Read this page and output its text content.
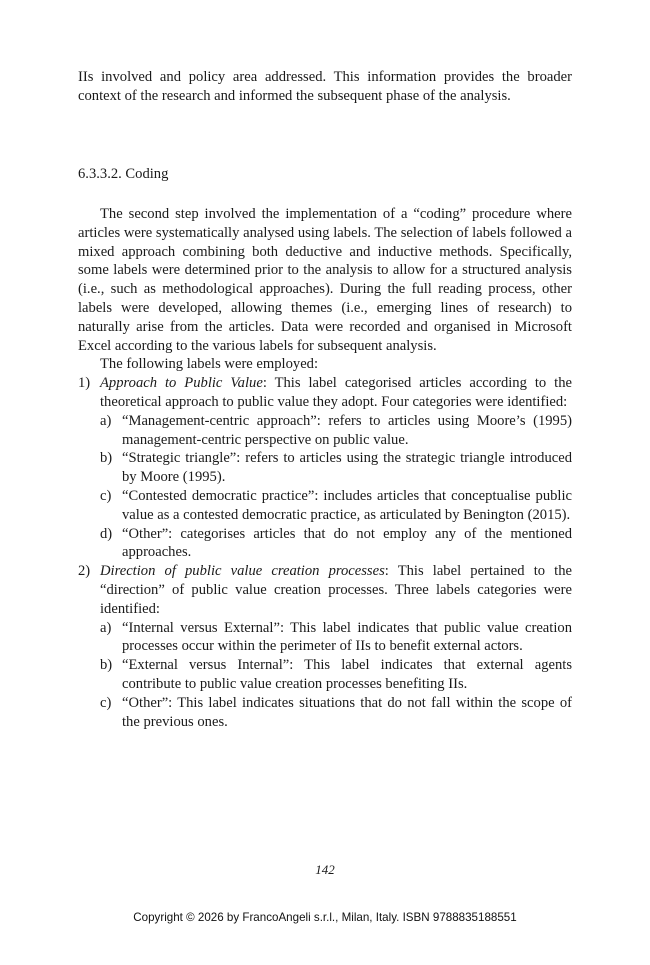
IIs involved and policy area addressed. This information provides the broader context of the research and informed the subsequent phase of the analysis.

6.3.3.2. Coding

The second step involved the implementation of a “coding” procedure where articles were systematically analysed using labels. The selection of labels followed a mixed approach combining both deductive and inductive methods. Specifically, some labels were determined prior to the analysis to allow for a structured analysis (i.e., such as methodological approaches). During the full reading process, other labels were developed, allowing themes (i.e., emerging lines of research) to naturally arise from the articles. Data were recorded and organised in Microsoft Excel according to the various labels for subsequent analysis.

The following labels were employed:

1) Approach to Public Value: This label categorised articles according to the theoretical approach to public value they adopt. Four categories were identified:
a) “Management-centric approach”: refers to articles using Moore’s (1995) management-centric perspective on public value.
b) “Strategic triangle”: refers to articles using the strategic triangle introduced by Moore (1995).
c) “Contested democratic practice”: includes articles that conceptualise public value as a contested democratic practice, as articulated by Benington (2015).
d) “Other”: categorises articles that do not employ any of the mentioned approaches.
2) Direction of public value creation processes: This label pertained to the “direction” of public value creation processes. Three labels categories were identified:
a) “Internal versus External”: This label indicates that public value creation processes occur within the perimeter of IIs to benefit external actors.
b) “External versus Internal”: This label indicates that external agents contribute to public value creation processes benefiting IIs.
c) “Other”: This label indicates situations that do not fall within the scope of the previous ones.
142
Copyright © 2026 by FrancoAngeli s.r.l., Milan, Italy. ISBN 9788835188551
